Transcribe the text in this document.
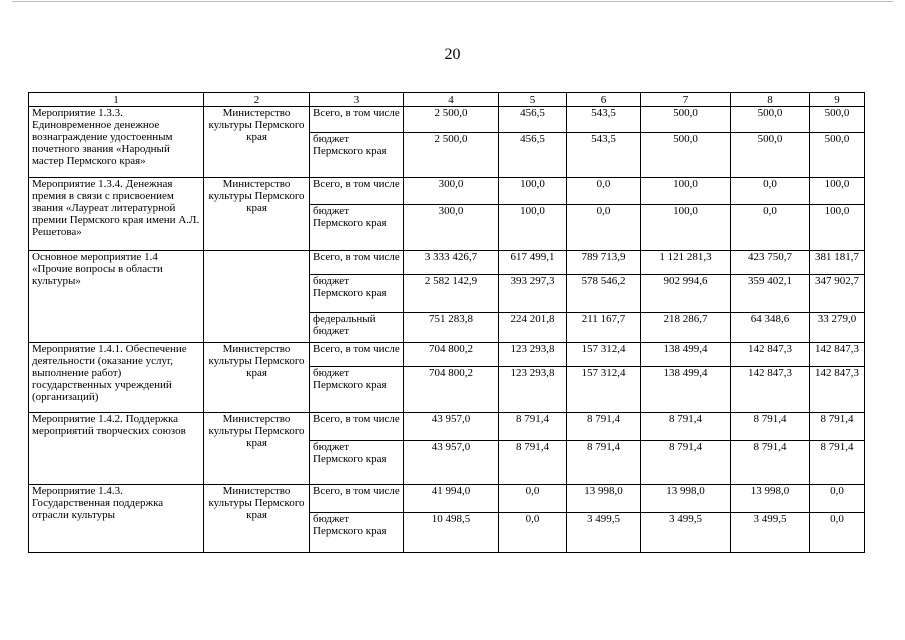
20
1	2	3	4	5	6	7	8	9
Мероприятие 1.3.3. Единовременное денежное вознаграждение удостоенным почетного звания «Народный мастер Пермского края»	Министерство культуры Пермского края	Всего, в том числе	2 500,0	456,5	543,5	500,0	500,0	500,0
		бюджет Пермского края	2 500,0	456,5	543,5	500,0	500,0	500,0
Мероприятие 1.3.4. Денежная премия в связи с присвоением звания «Лауреат литературной премии Пермского края имени А.Л. Решетова»	Министерство культуры Пермского края	Всего, в том числе	300,0	100,0	0,0	100,0	0,0	100,0
		бюджет Пермского края	300,0	100,0	0,0	100,0	0,0	100,0
Основное мероприятие 1.4 «Прочие вопросы в области культуры»		Всего, в том числе	3 333 426,7	617 499,1	789 713,9	1 121 281,3	423 750,7	381 181,7
		бюджет Пермского края	2 582 142,9	393 297,3	578 546,2	902 994,6	359 402,1	347 902,7
		федеральный бюджет	751 283,8	224 201,8	211 167,7	218 286,7	64 348,6	33 279,0
Мероприятие 1.4.1. Обеспечение деятельности (оказание услуг, выполнение работ) государственных учреждений (организаций)	Министерство культуры Пермского края	Всего, в том числе	704 800,2	123 293,8	157 312,4	138 499,4	142 847,3	142 847,3
		бюджет Пермского края	704 800,2	123 293,8	157 312,4	138 499,4	142 847,3	142 847,3
Мероприятие 1.4.2. Поддержка мероприятий творческих союзов	Министерство культуры Пермского края	Всего, в том числе	43 957,0	8 791,4	8 791,4	8 791,4	8 791,4	8 791,4
		бюджет Пермского края	43 957,0	8 791,4	8 791,4	8 791,4	8 791,4	8 791,4
Мероприятие 1.4.3. Государственная поддержка отрасли культуры	Министерство культуры Пермского края	Всего, в том числе	41 994,0	0,0	13 998,0	13 998,0	13 998,0	0,0
		бюджет Пермского края	10 498,5	0,0	3 499,5	3 499,5	3 499,5	0,0
